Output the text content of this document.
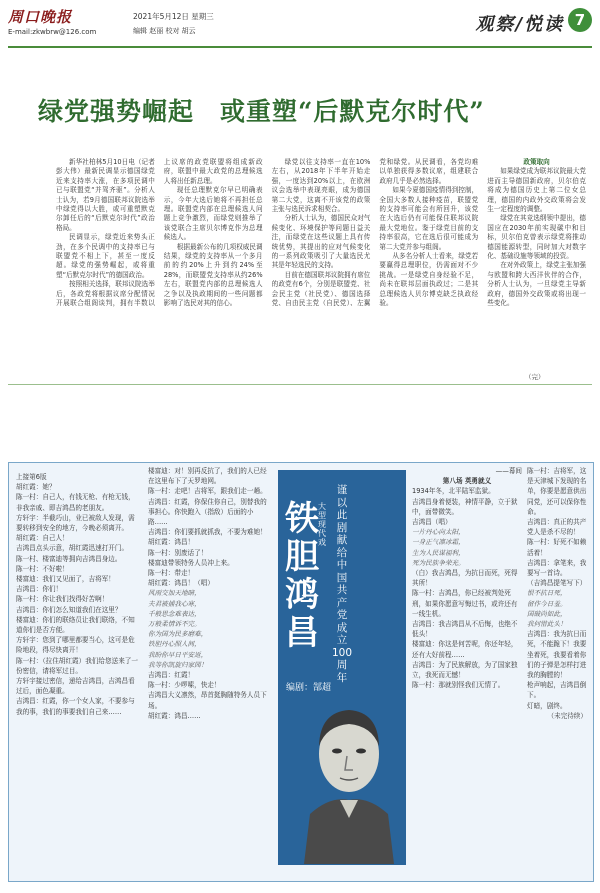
周口晚报
E-mail:zkwbrw@126.com
2021年5月12日 星期三
编辑 赵丽 校对 胡云	观察/悦读 7
绿党强势崛起　或重塑“后默克尔时代”

新华社柏林5月10日电（记者 彭大伟）最新民调显示德国绿党近来支持率大涨，在多项民调中已与联盟党“并驾齐驱”。分析人士认为，若9月德国联邦议院选举中绿党得以大胜，或可重塑默克尔卸任后的“后默克尔时代”政治格局。

民调显示，绿党近来势头正劲，在多个民调中的支持率已与联盟党不相上下，甚至一度反超。绿党的强势崛起，或将重塑“后默克尔时代”的德国政治。

按照相关选择，联邦议院选举后，各政党将根据议席分配情况开展联合组阁谈判，拥有半数以上议席的政党联盟将组成新政府，联盟中最大政党的总理候选人将出任新总理。

现任总理默克尔早已明确表示，今年大选后她将不再担任总理。联盟党内部在总理候选人问题上竞争激烈，而绿党则推举了该党联合主席贝尔博克作为总理候选人。

根据最新公布的几项权威民调结果，绿党的支持率从一个多月前的约20%上升到约24%至28%，而联盟党支持率从约26%左右，联盟党内部的总理候选人之争以及执政期间的一些问题都影响了选民对其的信心。

绿党以往支持率一直在10%左右，从2018年下半年开始走强，一度达到20%以上，在欧洲议会选举中表现亮眼，成为德国第二大党，这离不开该党的政策主张与选民诉求相契合。

分析人士认为，德国民众对气候变化、环境保护等问题日益关注，而绿党在这些议题上具有传统优势，其提出的应对气候变化的一系列政策吸引了大量选民尤其是年轻选民的支持。

目前在德国联邦议院拥有席位的政党有6个，分别是联盟党、社会民主党（社民党）、德国选择党、自由民主党（自民党）、左翼党和绿党。从民调看，各党均难以单独获得多数议席，组建联合政府几乎是必然选择。

如果今夏德国疫情得到控制，全国大多数人接种疫苗，联盟党的支持率可能会有所回升，该党在大选后仍有可能保住联邦议院最大党地位。鉴于绿党目前的支持率很高，它在选后很可能成为第二大党并参与组阁。

从多名分析人士看来，绿党若要赢得总理职位，仍需面对不少挑战。一是绿党自身经验不足，尚未在联邦层面执政过；二是其总理候选人贝尔博克缺乏执政经验。

政策取向

如果绿党成为联邦议院最大党进而主导德国新政府，贝尔伯克将成为德国历史上第二位女总理，德国的内政外交政策将会发生一定程度的调整。

绿党在其竞选纲领中提出，德国应在2030年前实现碳中和目标，贝尔伯克曾表示绿党将推动德国能源转型，同时加大对数字化、基础设施等领域的投资。

在对外政策上，绿党主张加强与欧盟和跨大西洋伙伴的合作，分析人士认为，一旦绿党主导新政府，德国外交政策或将出现一些变化。

（完）

上接第6版

胡红霞：她？

陈一村：自己人，有钱无枪、有枪无钱，非我亲戚、即吉鸿昌的老朋友。

方轩宇：半截巧山，业已被敌人发现，需要转移到安全的地方，今晚必须离开。

胡红霞：自己人！

吉鸿昌点头示意，胡红霞迅速打开门。

陈一村、楼富迪等拥向吉鸿昌身边。

陈一村：不好啦！

楼富迪：我们又见面了，吉将军！

吉鸿昌：你们！

陈一村：你让我们找得好苦啊！

吉鸿昌：你们怎么知道我们在这里？

楼富迪：你们的联络员让我们联络，不知道你们是否方便。

方轩宇：您到了哪里都要当心，这可是危险地段，得尽快离开！

陈一村：（拉住胡红霞）我们给您送来了一份密信，请将军过目。

方轩宇接过密信，递给吉鸿昌，吉鸿昌看过后，面色凝重。

吉鸿昌：红霞，你一个女人家，不要参与我的事，我们的事要我们自己来……

楼富迪：对！别再反抗了，我们的人已经在这里布下了天罗地网。

陈一村：走吧！吉将军，跟我们走一趟。

吉鸿昌：红霞，你保住你自己，别替我的事担心。你快跑入（指敌）后面的小路……

吉鸿昌：你们要抓就抓我，不要为难她！

胡红霞：鸿昌！

陈一村：别废话了！

楼富迪带领特务人员冲上来。

陈一村：带走！

胡红霞：鸿昌！（唱）

风雨交加天地暗，

夫君被捕我心寒，

千般思念难表达，

万般柔情诉不完。

你为国为民多磨难，

铁胆丹心照人间，

我盼你早日平安返，

我等你凯旋归家园！

吉鸿昌：红霞！

陈一村：少啰嗦，快走！

吉鸿昌大义凛然，昂首挺胸随特务人员下场。

胡红霞：鸿昌……

大型现代戏
铁胆鸿昌
谨以此剧献给中国共产党成立100周年
编剧：郜超

——幕间

第八场 英勇就义

1934年冬，北平陆军监狱。

吉鸿昌身着便装，神情平静，立于狱中，面带微笑。

吉鸿昌（唱）

一片丹心向太阳，

一身正气凛冰霜，

生为人民谋福利，

死为民族争荣光。

（白）我吉鸿昌，为抗日而死，死得其所！

陈一村：吉鸿昌，你已经被判处死刑，如果你愿意写悔过书，或许还有一线生机。

吉鸿昌：我吉鸿昌从不后悔，也绝不低头！

楼富迪：你这是何苦呢，你还年轻，还有大好前程……

吉鸿昌：为了民族解放，为了国家独立，我死而无憾！

陈一村：那就别怪我们无情了。

陈一村：吉将军，这是天津城下发现的名单，你要是愿意供出同党，还可以保你性命。

吉鸿昌：真正的共产党人是杀不尽的！

陈一村：好死不如赖活着！

吉鸿昌：拿笔来，我要写一首诗。

（吉鸿昌提笔写下）

恨不抗日死，

留作今日羞。

国破尚如此，

我何惜此头！

吉鸿昌：我为抗日而死，不能跪下！我要坐着死，我要看着你们的子弹是怎样打进我的胸膛的！

枪声响起，吉鸿昌倒下。

灯暗，剧终。

（未完待续）
